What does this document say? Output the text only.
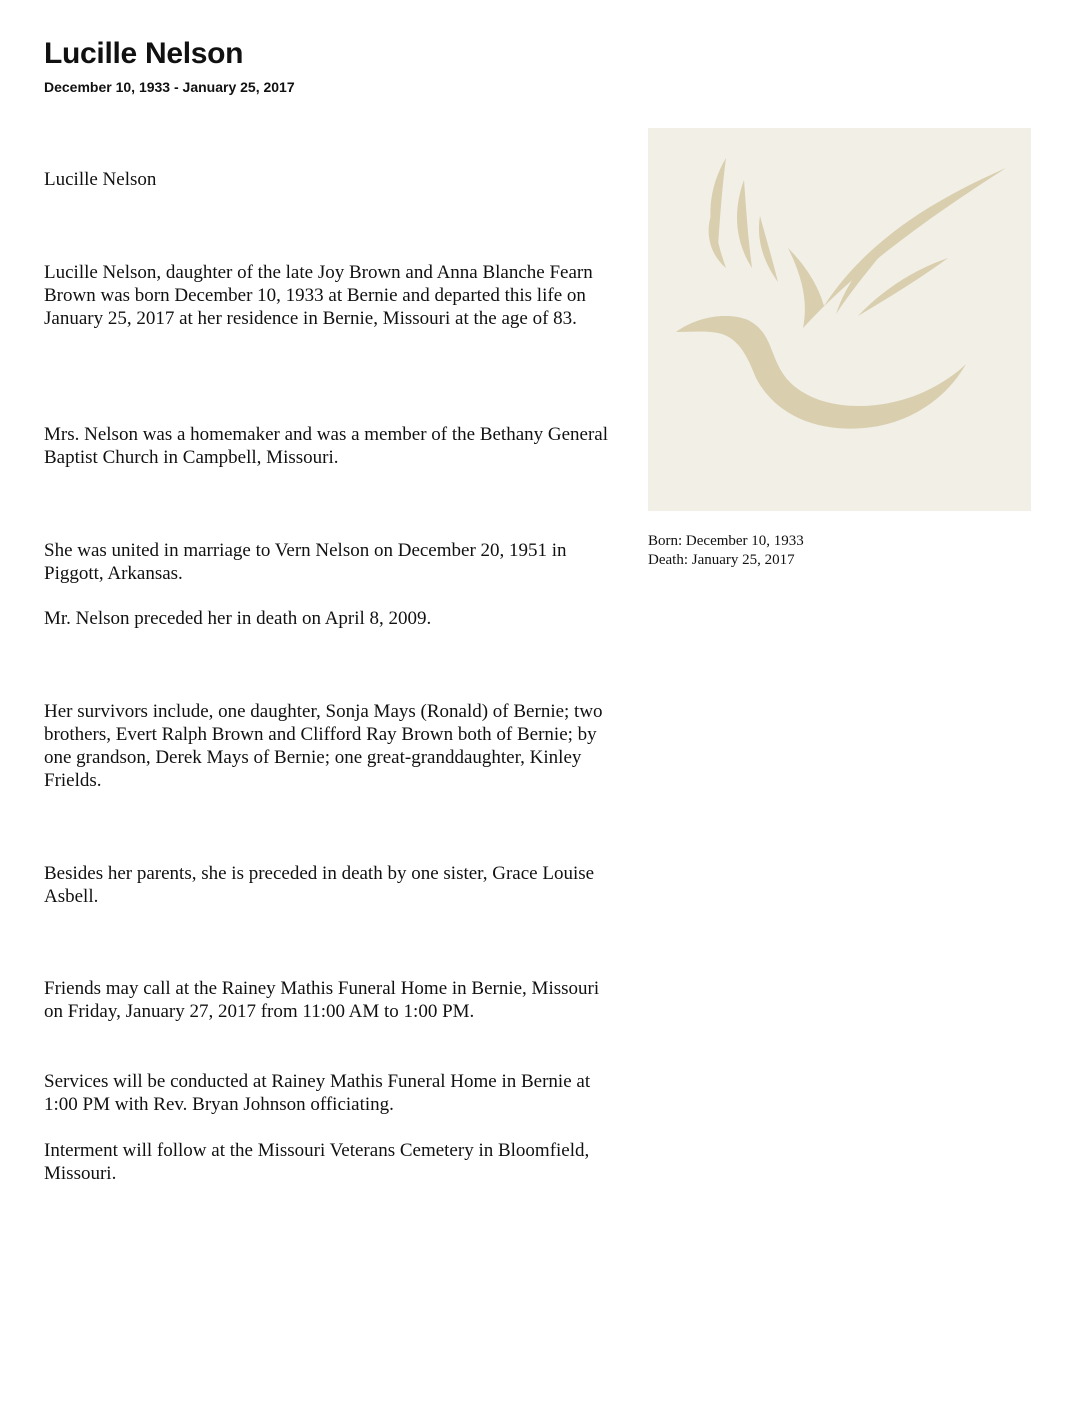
Lucille Nelson
December 10, 1933 - January 25, 2017

Lucille Nelson

Lucille Nelson, daughter of the late Joy Brown and Anna Blanche Fearn Brown was born December 10, 1933 at Bernie and departed this life on January 25, 2017 at her residence in Bernie, Missouri at the age of 83.

Mrs. Nelson was a homemaker and was a member of the Bethany General Baptist Church in Campbell, Missouri.

She was united in marriage to Vern Nelson on December 20, 1951 in Piggott, Arkansas.

Mr. Nelson preceded her in death on April 8, 2009.

Her survivors include, one daughter, Sonja Mays (Ronald) of Bernie; two brothers, Evert Ralph Brown and Clifford Ray Brown both of Bernie; by one grandson, Derek Mays of Bernie; one great-granddaughter, Kinley Frields.

Besides her parents, she is preceded in death by one sister, Grace Louise Asbell.

Friends may call at the Rainey Mathis Funeral Home in Bernie, Missouri on Friday, January 27, 2017 from 11:00 AM to 1:00 PM.

Services will be conducted at Rainey Mathis Funeral Home in Bernie at 1:00 PM with Rev. Bryan Johnson officiating.

Interment will follow at the Missouri Veterans Cemetery in Bloomfield, Missouri.

Born: December 10, 1933
Death: January 25, 2017
